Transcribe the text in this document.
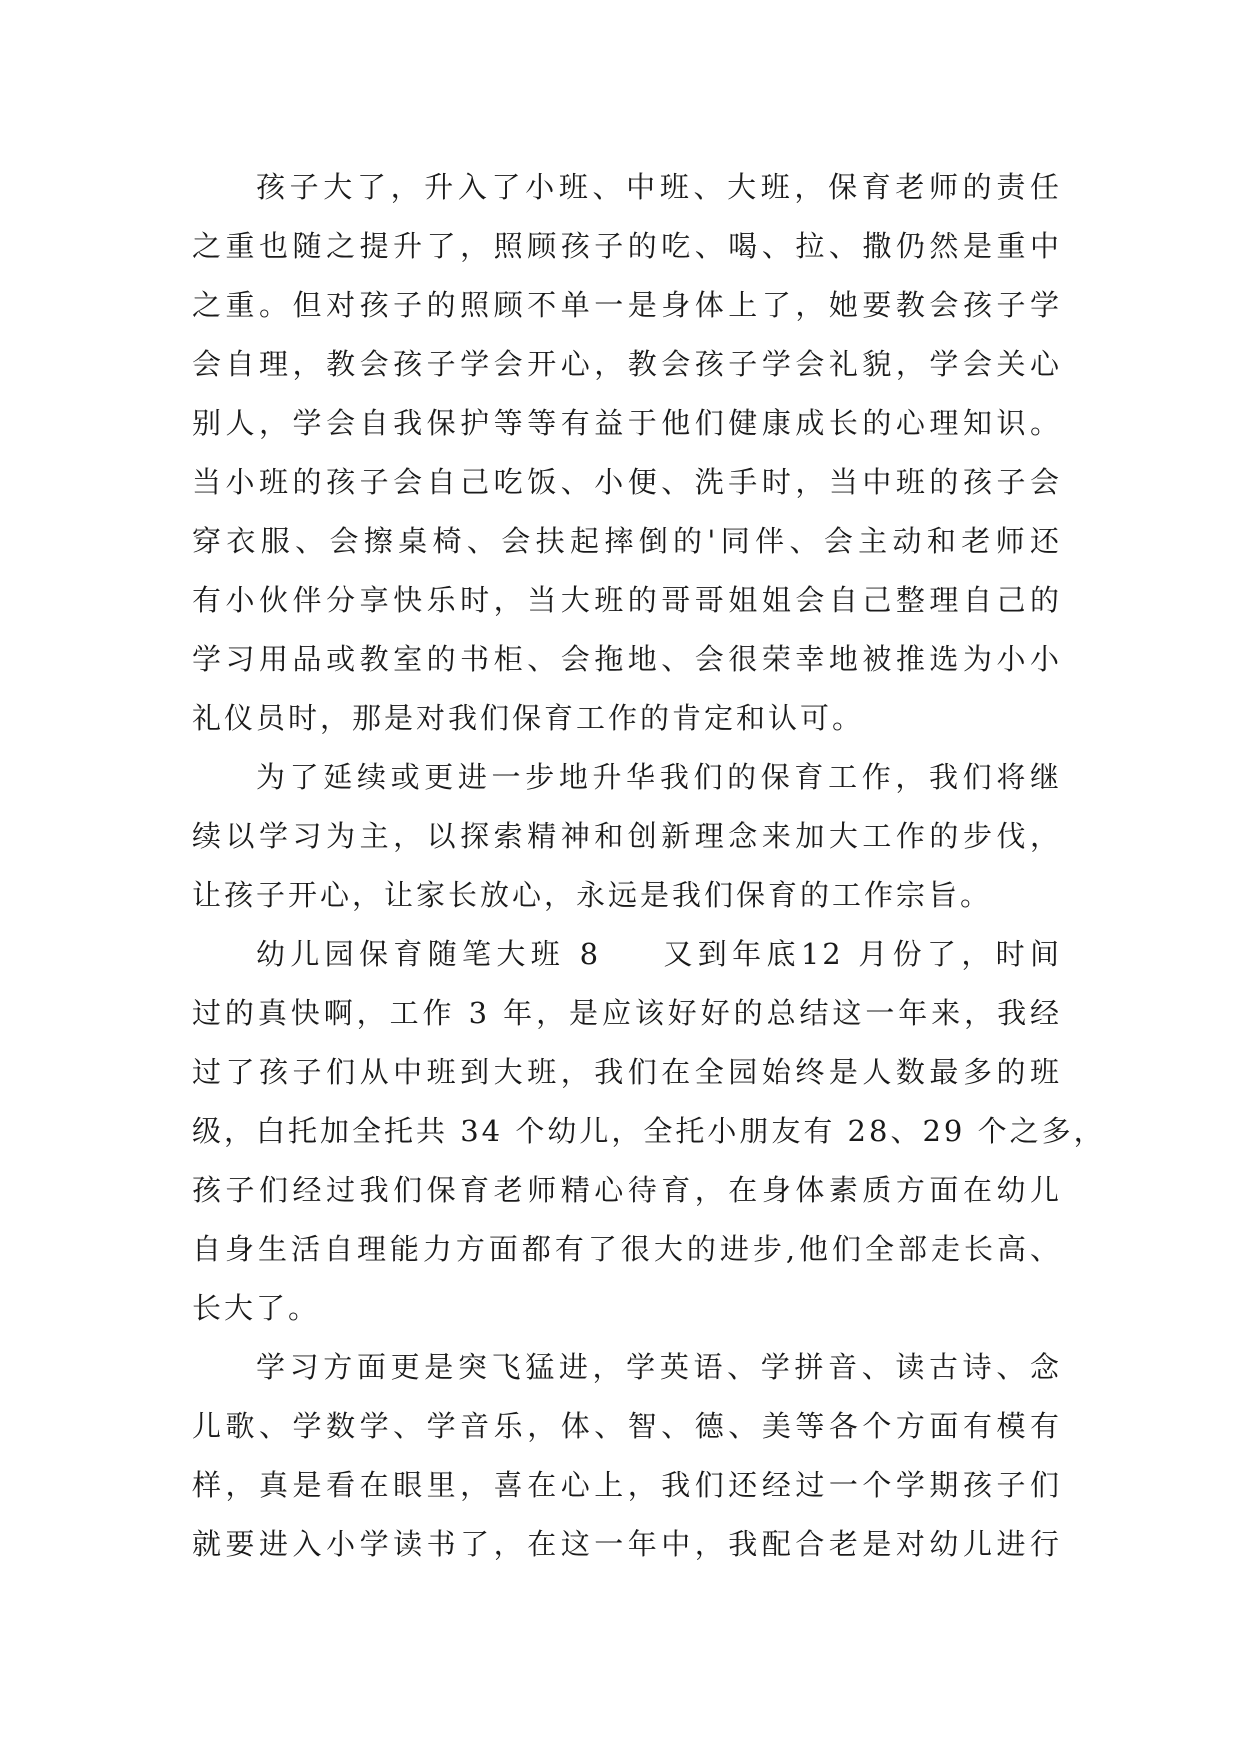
孩子大了，升入了小班、中班、大班，保育老师的责任
之重也随之提升了，照顾孩子的吃、喝、拉、撒仍然是重中
之重。但对孩子的照顾不单一是身体上了，她要教会孩子学
会自理，教会孩子学会开心，教会孩子学会礼貌，学会关心
别人，学会自我保护等等有益于他们健康成长的心理知识。
当小班的孩子会自己吃饭、小便、洗手时，当中班的孩子会
穿衣服、会擦桌椅、会扶起摔倒的'同伴、会主动和老师还
有小伙伴分享快乐时，当大班的哥哥姐姐会自己整理自己的
学习用品或教室的书柜、会拖地、会很荣幸地被推选为小小
礼仪员时，那是对我们保育工作的肯定和认可。
为了延续或更进一步地升华我们的保育工作，我们将继
续以学习为主，以探索精神和创新理念来加大工作的步伐，
让孩子开心，让家长放心，永远是我们保育的工作宗旨。
幼儿园保育随笔大班 8 又到年底12 月份了，时间
过的真快啊，工作 3 年，是应该好好的总结这一年来，我经
过了孩子们从中班到大班，我们在全园始终是人数最多的班
级，白托加全托共 34 个幼儿，全托小朋友有 28、29 个之多，
孩子们经过我们保育老师精心待育，在身体素质方面在幼儿
自身生活自理能力方面都有了很大的进步,他们全部走长高、
长大了。
学习方面更是突飞猛进，学英语、学拼音、读古诗、念
儿歌、学数学、学音乐，体、智、德、美等各个方面有模有
样，真是看在眼里，喜在心上，我们还经过一个学期孩子们
就要进入小学读书了，在这一年中，我配合老是对幼儿进行
